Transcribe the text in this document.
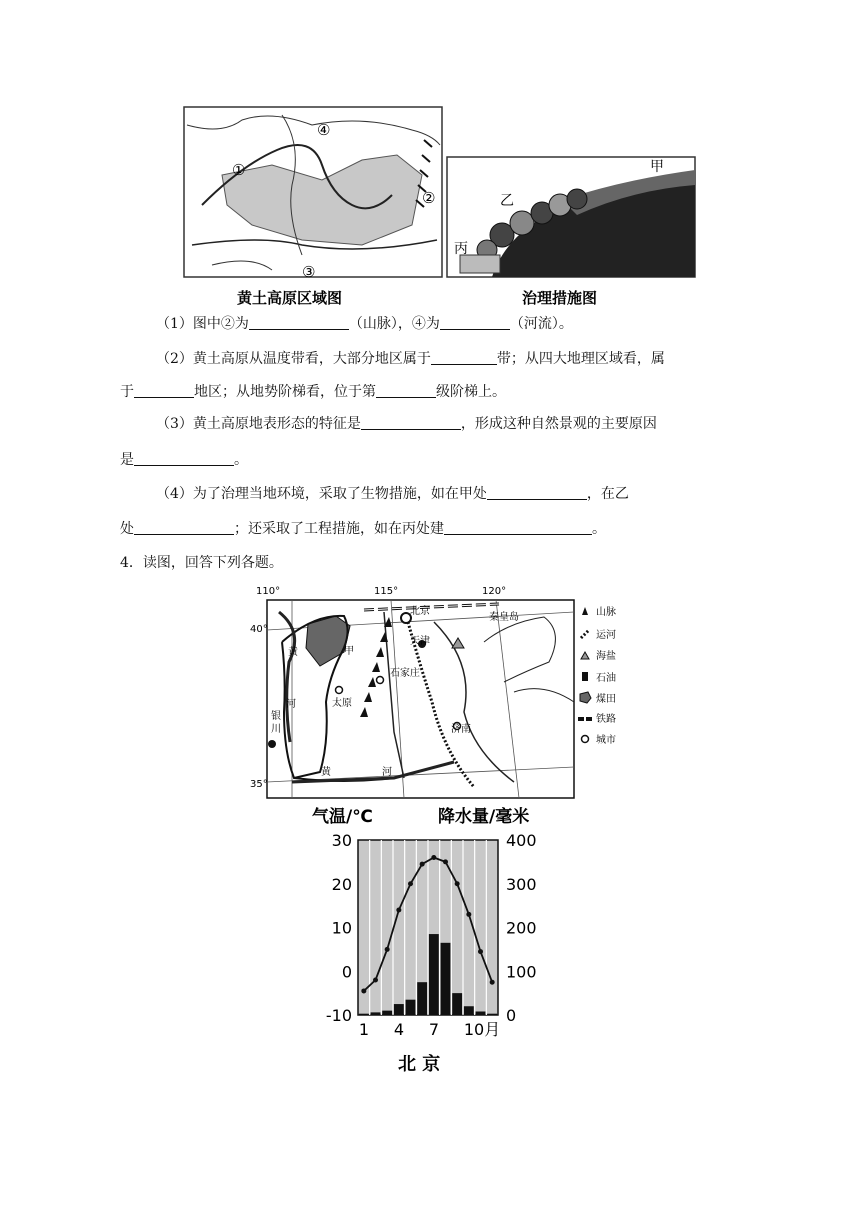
④
①
②
③
甲
乙
丙
黄土高原区域图	治理措施图
（1）图中②为	（山脉），④为	（河流）。
（2）黄土高原从温度带看，大部分地区属于	带；从四大地理区域看，属
于	地区；从地势阶梯看，位于第	级阶梯上。
（3）黄土高原地表形态的特征是	，形成这种自然景观的主要原因
是	。
（4）为了治理当地环境，采取了生物措施，如在甲处	，在乙
处	；还采取了工程措施，如在丙处建	。
4．读图，回答下列各题。
110°	115°	120°
40°
35°
北京
天津
秦皇岛
石家庄
太原
济南
银
川
黄	甲
河
黄	河
山脉
运河
海盐
石油
煤田
铁路
城市
气温/℃	降水量/毫米
30
20
10
0
-10
400
300
200
100
0
1 4 7 10月
北 京
